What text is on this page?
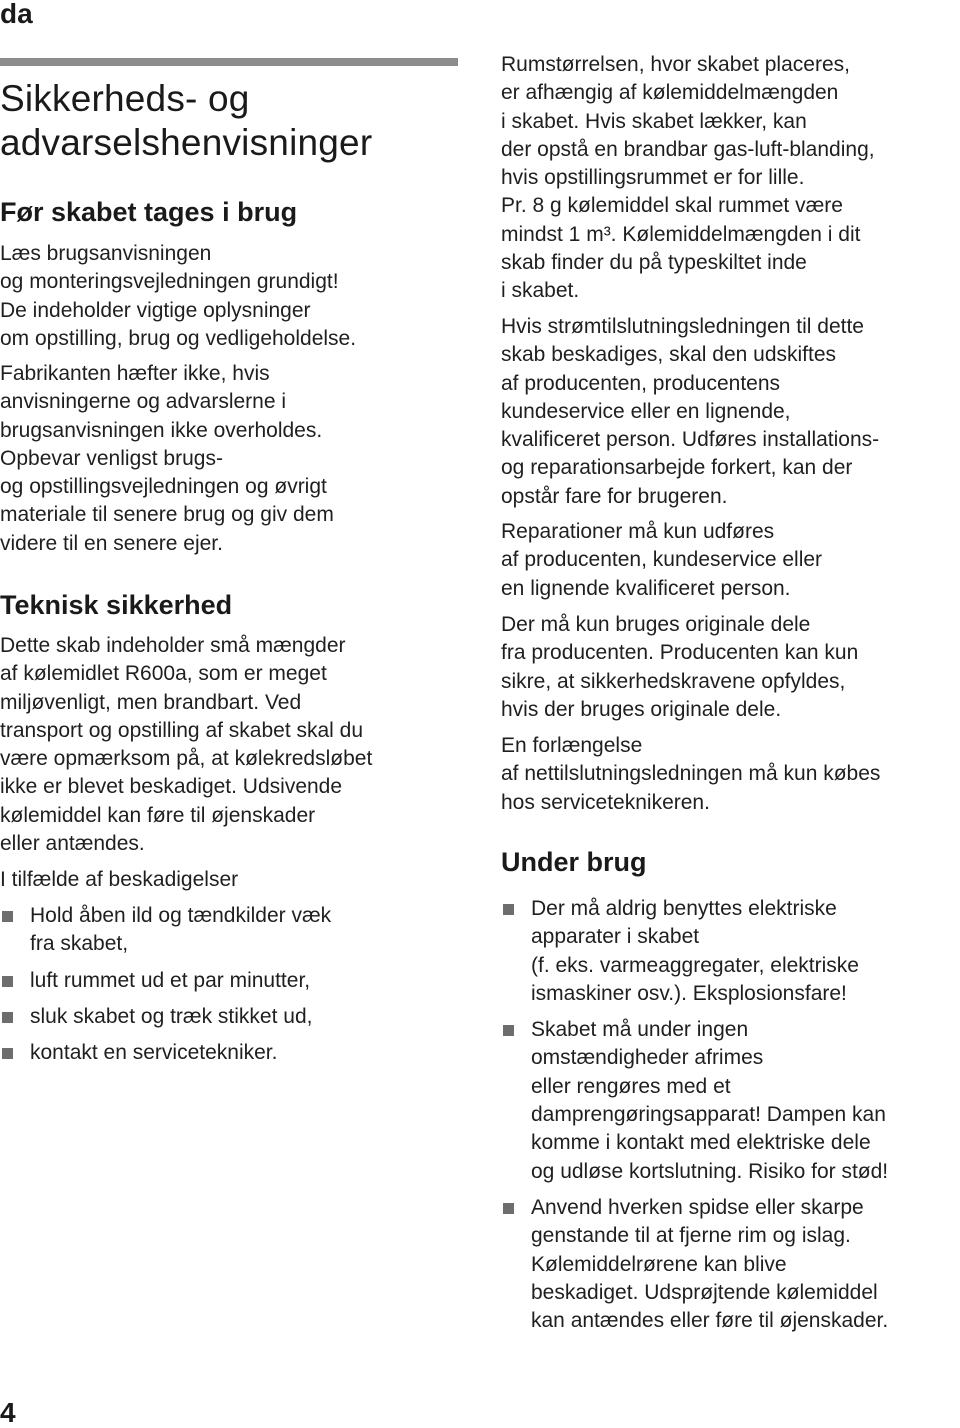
da
Sikkerheds- og
advarselshenvisninger
Før skabet tages i brug

Læs brugsanvisningen
og monteringsvejledningen grundigt!
De indeholder vigtige oplysninger
om opstilling, brug og vedligeholdelse.

Fabrikanten hæfter ikke, hvis
anvisningerne og advarslerne i
brugsanvisningen ikke overholdes.
Opbevar venligst brugs-
og opstillingsvejledningen og øvrigt
materiale til senere brug og giv dem
videre til en senere ejer.

Teknisk sikkerhed

Dette skab indeholder små mængder
af kølemidlet R600a, som er meget
miljøvenligt, men brandbart. Ved
transport og opstilling af skabet skal du
være opmærksom på, at kølekredsløbet
ikke er blevet beskadiget. Udsivende
kølemiddel kan føre til øjenskader
eller antændes.

I tilfælde af beskadigelser

Hold åben ild og tændkilder væk
fra skabet,
luft rummet ud et par minutter,
sluk skabet og træk stikket ud,
kontakt en servicetekniker.

Rumstørrelsen, hvor skabet placeres,
er afhængig af kølemiddelmængden
i skabet. Hvis skabet lækker, kan
der opstå en brandbar gas-luft-blanding,
hvis opstillingsrummet er for lille.
Pr. 8 g kølemiddel skal rummet være
mindst 1 m³. Kølemiddelmængden i dit
skab finder du på typeskiltet inde
i skabet.

Hvis strømtilslutningsledningen til dette
skab beskadiges, skal den udskiftes
af producenten, producentens
kundeservice eller en lignende,
kvalificeret person. Udføres installations-
og reparationsarbejde forkert, kan der
opstår fare for brugeren.

Reparationer må kun udføres
af producenten, kundeservice eller
en lignende kvalificeret person.

Der må kun bruges originale dele
fra producenten. Producenten kan kun
sikre, at sikkerhedskravene opfyldes,
hvis der bruges originale dele.

En forlængelse
af nettilslutningsledningen må kun købes
hos serviceteknikeren.

Under brug
Der må aldrig benyttes elektriske
apparater i skabet
(f. eks. varmeaggregater, elektriske
ismaskiner osv.). Eksplosionsfare!
Skabet må under ingen
omstændigheder afrimes
eller rengøres med et
damprengøringsapparat! Dampen kan
komme i kontakt med elektriske dele
og udløse kortslutning. Risiko for stød!
Anvend hverken spidse eller skarpe
genstande til at fjerne rim og islag.
Kølemiddelrørene kan blive
beskadiget. Udsprøjtende kølemiddel
kan antændes eller føre til øjenskader.
4
